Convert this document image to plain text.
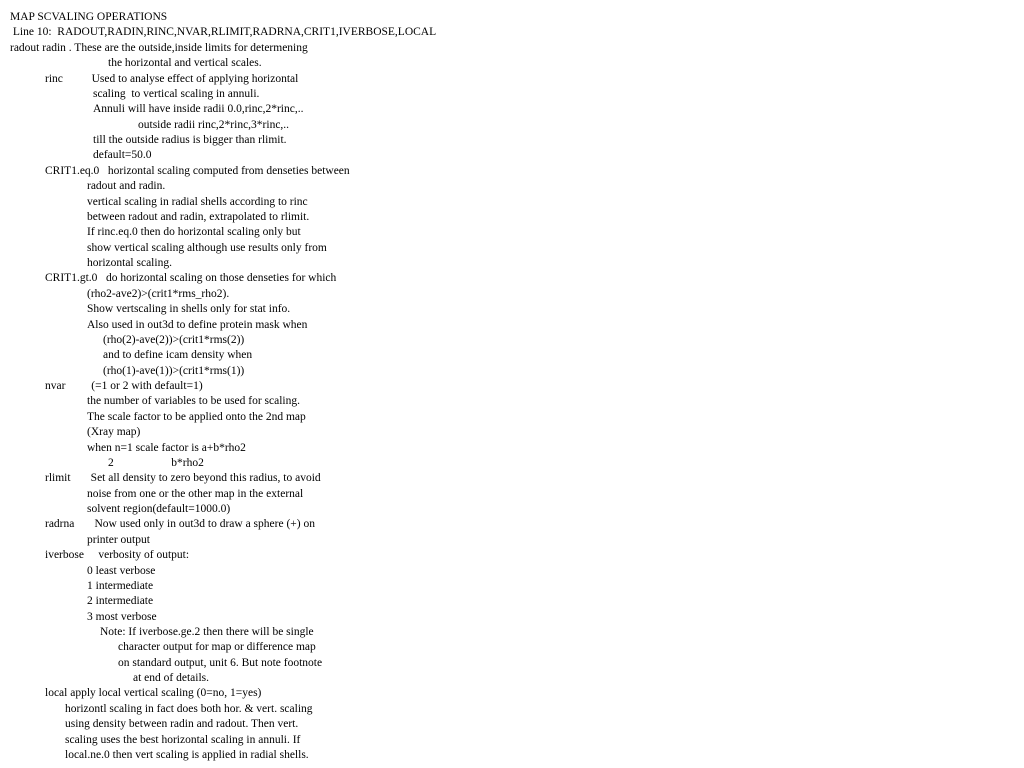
MAP SCVALING OPERATIONS
Line 10:  RADOUT,RADIN,RINC,NVAR,RLIMIT,RADRNA,CRIT1,IVERBOSE,LOCAL
radout radin . These are the outside,inside limits for determening
the horizontal and vertical scales.
rinc          Used to analyse effect of applying horizontal
scaling  to vertical scaling in annuli.
Annuli will have inside radii 0.0,rinc,2*rinc,..
outside radii rinc,2*rinc,3*rinc,..
till the outside radius is bigger than rlimit.
default=50.0
CRIT1.eq.0   horizontal scaling computed from denseties between
radout and radin.
vertical scaling in radial shells according to rinc
between radout and radin, extrapolated to rlimit.
If rinc.eq.0 then do horizontal scaling only but
show vertical scaling although use results only from
horizontal scaling.
CRIT1.gt.0   do horizontal scaling on those denseties for which
(rho2-ave2)>(crit1*rms_rho2).
Show vertscaling in shells only for stat info.
Also used in out3d to define protein mask when
(rho(2)-ave(2))>(crit1*rms(2))
and to define icam density when
(rho(1)-ave(1))>(crit1*rms(1))
nvar         (=1 or 2 with default=1)
the number of variables to be used for scaling.
The scale factor to be applied onto the 2nd map
(Xray map)
when n=1 scale factor is a+b*rho2
2                    b*rho2
rlimit       Set all density to zero beyond this radius, to avoid
noise from one or the other map in the external
solvent region(default=1000.0)
radrna       Now used only in out3d to draw a sphere (+) on
printer output
iverbose     verbosity of output:
0 least verbose
1 intermediate
2 intermediate
3 most verbose
Note: If iverbose.ge.2 then there will be single
character output for map or difference map
on standard output, unit 6. But note footnote
at end of details.
local apply local vertical scaling (0=no, 1=yes)
horizontl scaling in fact does both hor. & vert. scaling
using density between radin and radout. Then vert.
scaling uses the best horizontal scaling in annuli. If
local.ne.0 then vert scaling is applied in radial shells.
